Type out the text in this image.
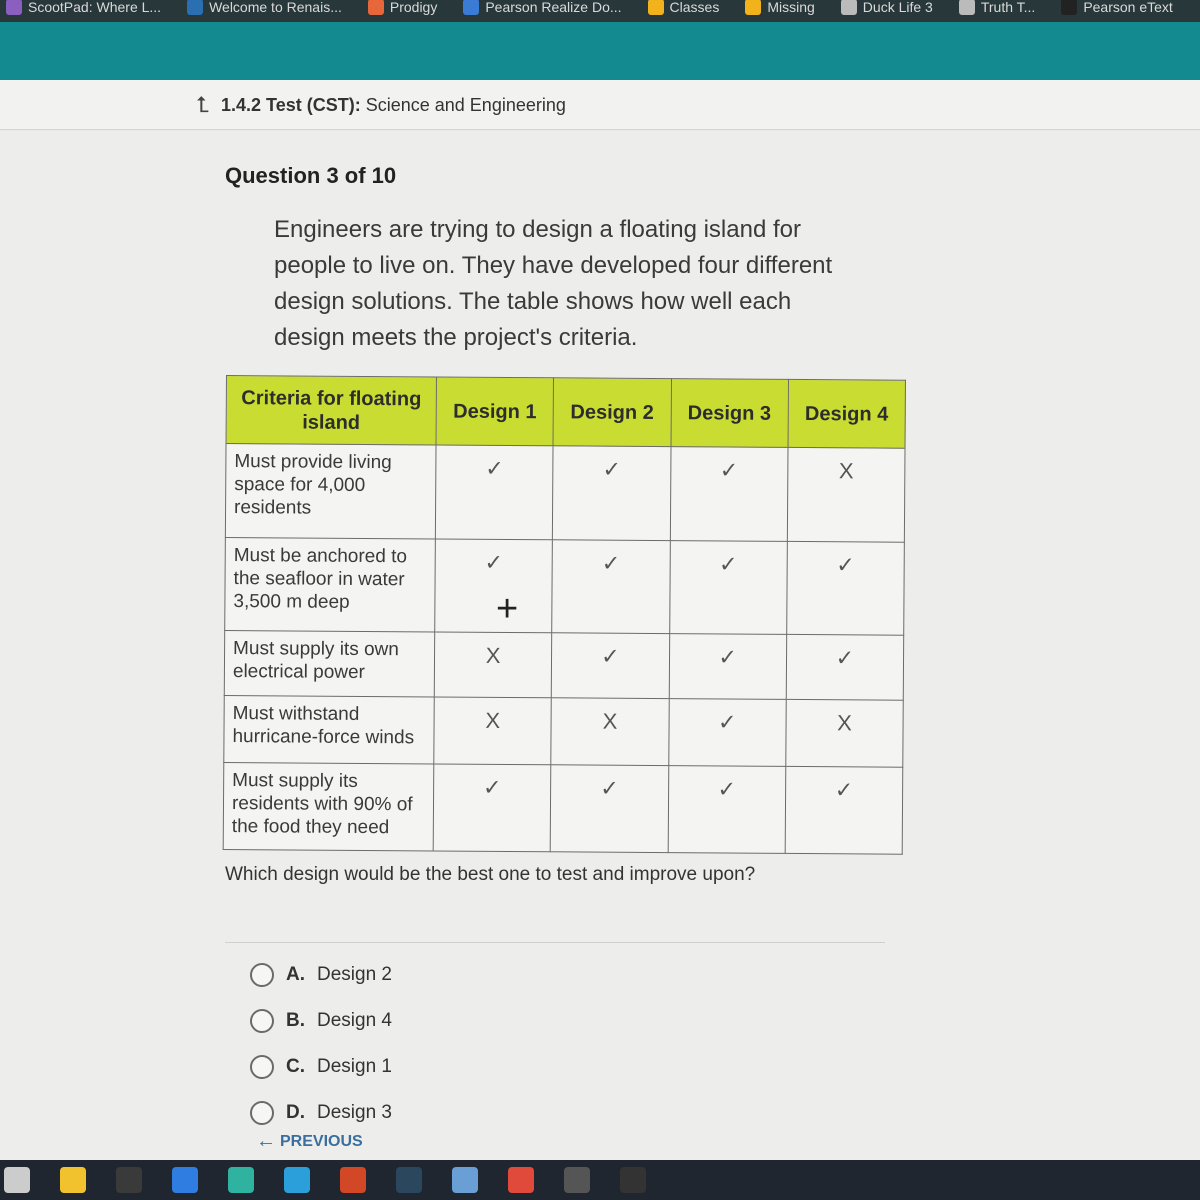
ScootPad: Where L...	Welcome to Renais...	Prodigy	Pearson Realize Do...	Classes	Missing	Duck Life 3	Truth T...	Pearson eText
⮤ 1.4.2 Test (CST): Science and Engineering
Question 3 of 10
Engineers are trying to design a floating island for people to live on. They have developed four different design solutions. The table shows how well each design meets the project's criteria.
Criteria for floating island	Design 1	Design 2	Design 3	Design 4
Must provide living space for 4,000 residents	✓	✓	✓	X
Must be anchored to the seafloor in water 3,500 m deep	✓	✓	✓	✓
Must supply its own electrical power	X	✓	✓	✓
Must withstand hurricane-force winds	X	X	✓	X
Must supply its residents with 90% of the food they need	✓	✓	✓	✓
+
Which design would be the best one to test and improve upon?
A. Design 2
B. Design 4
C. Design 1
D. Design 3
← PREVIOUS
